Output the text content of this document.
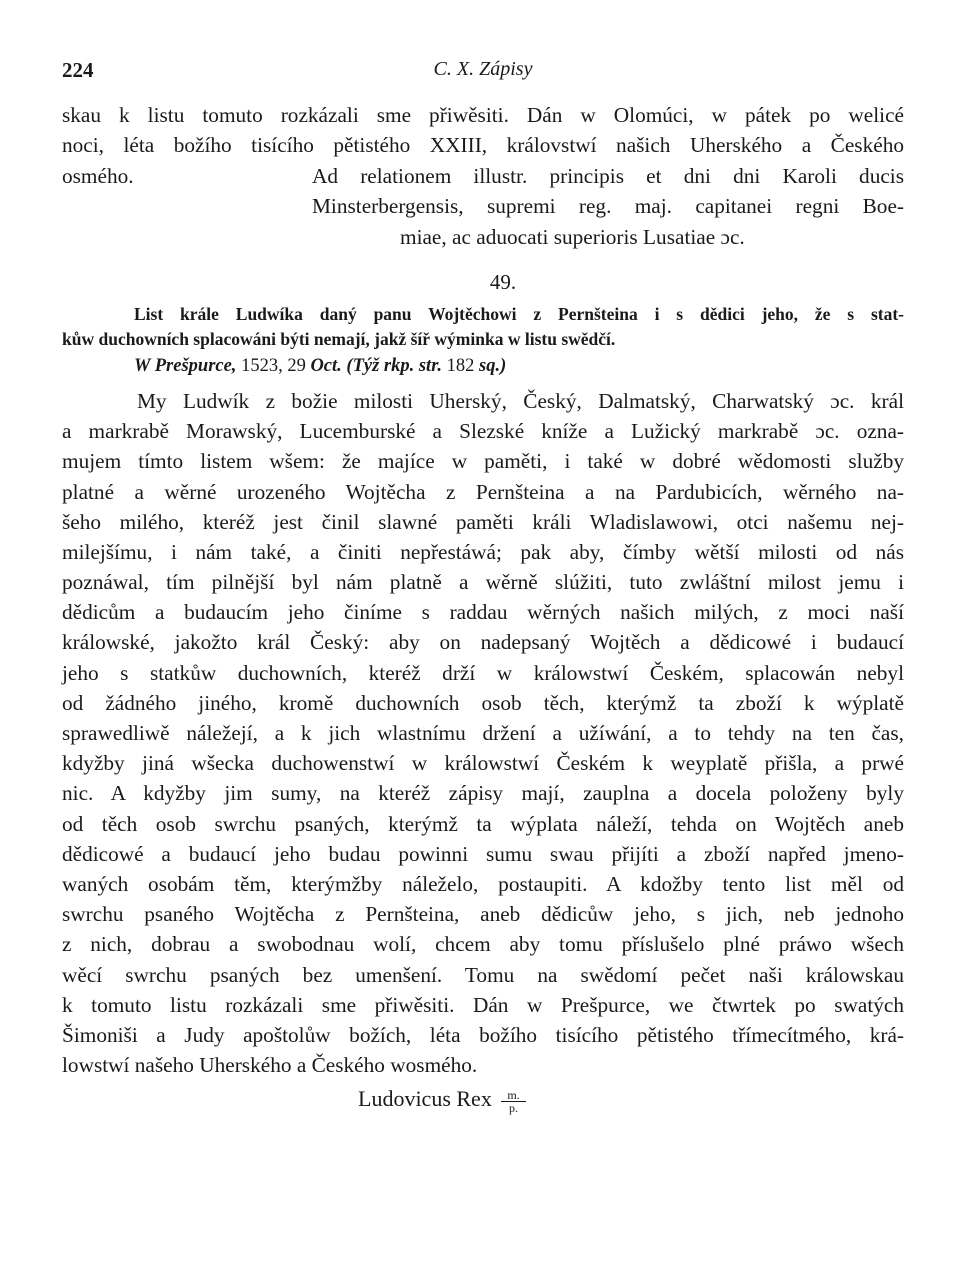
224	C. X. Zápisy
skau k listu tomuto rozkázali sme přiwěsiti. Dán w Olomúci, w pátek po welicé
noci, léta božího tisícího pětistého XXIII, královstwí našich Uherského a Českého
osmého.	Ad relationem illustr. principis et dni dni Karoli ducis
Minsterbergensis, supremi reg. maj. capitanei regni Boe-
miae, ac aduocati superioris Lusatiae ɔc.
49.
List krále Ludwíka daný panu Wojtěchowi z Pernšteina i s dědici jeho, že s stat-
kůw duchowních splacowáni býti nemají, jakž šíř wýminka w listu swědčí.
W Prešpurce, 1523, 29 Oct. (Týž rkp. str. 182 sq.)
My Ludwík z božie milosti Uherský, Český, Dalmatský, Charwatský ɔc. král
a markrabě Morawský, Lucemburské a Slezské kníže a Lužický markrabě ɔc. ozna-
mujem tímto listem wšem: že majíce w paměti, i také w dobré wědomosti služby
platné a wěrné urozeného Wojtěcha z Pernšteina a na Pardubicích, wěrného na-
šeho milého, kteréž jest činil slawné paměti králi Wladislawowi, otci našemu nej-
milejšímu, i nám také, a činiti nepřestáwá; pak aby, čímby wětší milosti od nás
poznáwal, tím pilnější byl nám platně a wěrně slúžiti, tuto zwláštní milost jemu i
dědicům a budaucím jeho činíme s raddau wěrných našich milých, z moci naší
králowské, jakožto král Český: aby on nadepsaný Wojtěch a dědicowé i budaucí
jeho s statkůw duchowních, kteréž drží w králowstwí Českém, splacowán nebyl
od žádného jiného, kromě duchowních osob těch, kterýmž ta zboží k wýplatě
sprawedliwě náležejí, a k jich wlastnímu držení a užíwání, a to tehdy na ten čas,
kdyžby jiná wšecka duchowenstwí w králowstwí Českém k weyplatě přišla, a prwé
nic. A kdyžby jim sumy, na kteréž zápisy mají, zauplna a docela položeny byly
od těch osob swrchu psaných, kterýmž ta wýplata náleží, tehda on Wojtěch aneb
dědicowé a budaucí jeho budau powinni sumu swau přijíti a zboží napřed jmeno-
waných osobám těm, kterýmžby náleželo, postaupiti. A kdožby tento list měl od
swrchu psaného Wojtěcha z Pernšteina, aneb dědicůw jeho, s jich, neb jednoho
z nich, dobrau a swobodnau wolí, chcem aby tomu příslušelo plné práwo wšech
wěcí swrchu psaných bez umenšení. Tomu na swědomí pečet naši králowskau
k tomuto listu rozkázali sme přiwěsiti. Dán w Prešpurce, we čtwrtek po swatých
Šimoniši a Judy apoštolůw božích, léta božího tisícího pětistého třímecítmého, krá-
lowstwí našeho Uherského a Českého wosmého.
Ludovicus Rex $\frac{m.}{p.}$
